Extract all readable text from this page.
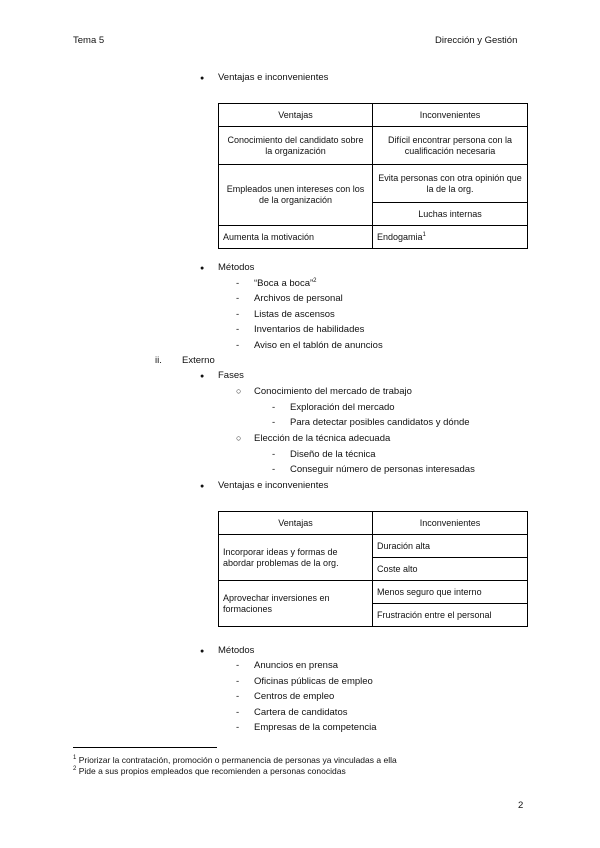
Tema 5	Dirección y Gestión
● Ventajas e inconvenientes
Ventajas	Inconvenientes
Conocimiento del candidato sobre la organización	Difícil encontrar persona con la cualificación necesaria
Empleados unen intereses con los de la organización	Evita personas con otra opinión que la de la org.
	Luchas internas
Aumenta la motivación	Endogamia$^1$
● Métodos
- “Boca a boca”$^2$
- Archivos de personal
- Listas de ascensos
- Inventarios de habilidades
- Aviso en el tablón de anuncios
ii. Externo
● Fases
○ Conocimiento del mercado de trabajo
- Exploración del mercado
- Para detectar posibles candidatos y dónde
○ Elección de la técnica adecuada
- Diseño de la técnica
- Conseguir número de personas interesadas
● Ventajas e inconvenientes
Ventajas	Inconvenientes
Incorporar ideas y formas de abordar problemas de la org.	Duración alta
	Coste alto
Aprovechar inversiones en formaciones	Menos seguro que interno
	Frustración entre el personal
● Métodos
- Anuncios en prensa
- Oficinas públicas de empleo
- Centros de empleo
- Cartera de candidatos
- Empresas de la competencia
$^1$ Priorizar la contratación, promoción o permanencia de personas ya vinculadas a ella
$^2$ Pide a sus propios empleados que recomienden a personas conocidas
2
